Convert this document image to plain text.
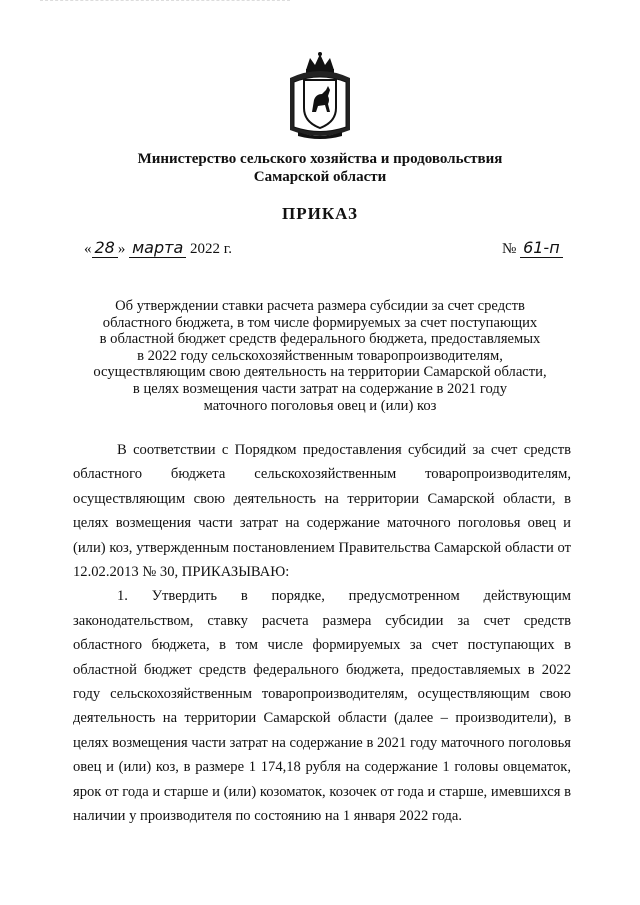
Министерство сельского хозяйства и продовольствия
Самарской области
ПРИКАЗ
« 28 » марта 2022 г.	№ 61-п
Об утверждении ставки расчета размера субсидии за счет средств
областного бюджета, в том числе формируемых за счет поступающих
в областной бюджет средств федерального бюджета, предоставляемых
в 2022 году сельскохозяйственным товаропроизводителям,
осуществляющим свою деятельность на территории Самарской области,
в целях возмещения части затрат на содержание в 2021 году
маточного поголовья овец и (или) коз

В соответствии с Порядком предоставления субсидий за счет средств областного бюджета сельскохозяйственным товаропроизводителям, осуществляющим свою деятельность на территории Самарской области, в целях возмещения части затрат на содержание маточного поголовья овец и (или) коз, утвержденным постановлением Правительства Самарской области от 12.02.2013 № 30, ПРИКАЗЫВАЮ:

1. Утвердить в порядке, предусмотренном действующим законодательством, ставку расчета размера субсидии за счет средств областного бюджета, в том числе формируемых за счет поступающих в областной бюджет средств федерального бюджета, предоставляемых в 2022 году сельскохозяйственным товаропроизводителям, осуществляющим свою деятельность на территории Самарской области (далее – производители), в целях возмещения части затрат на содержание в 2021 году маточного поголовья овец и (или) коз, в размере 1 174,18 рубля на содержание 1 головы овцематок, ярок от года и старше и (или) козоматок, козочек от года и старше, имевшихся в наличии у производителя по состоянию на 1 января 2022 года.
